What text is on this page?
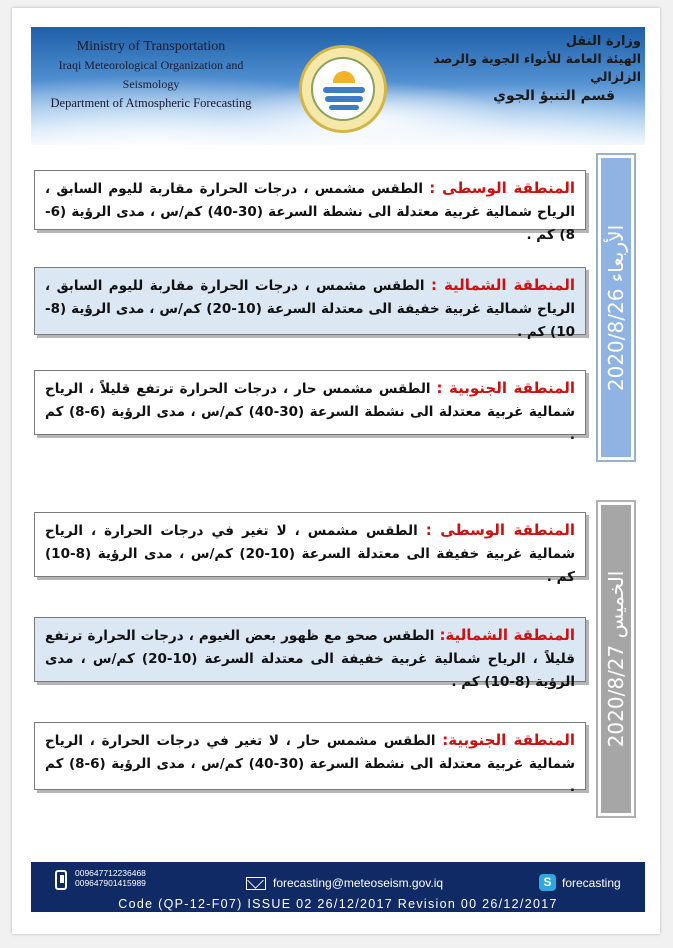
Ministry of Transportation
Iraqi Meteorological Organization and Seismology
Department of Atmospheric Forecasting
وزارة النقل
الهيئة العامة للأنواء الجوية والرصد الزلزالي
قسم التنبؤ الجوي
المنطقة الوسطى : الطقس مشمس ، درجات الحرارة مقاربة لليوم السابق ، الرياح شمالية غربية معتدلة الى نشطة السرعة (30-40) كم/س ، مدى الرؤية (6-8) كم .
المنطقة الشمالية : الطقس مشمس ، درجات الحرارة مقاربة لليوم السابق ، الرياح شمالية غربية خفيفة الى معتدلة السرعة (10-20) كم/س ، مدى الرؤية (8-10) كم .
المنطقة الجنوبية : الطقس مشمس حار ، درجات الحرارة ترتفع قليلاً ، الرياح شمالية غربية معتدلة الى نشطة السرعة (30-40) كم/س ، مدى الرؤية (6-8) كم .
الأربعاء 2020/8/26
المنطقة الوسطى : الطقس مشمس ، لا تغير في درجات الحرارة ، الرياح شمالية غربية خفيفة الى معتدلة السرعة (10-20) كم/س ، مدى الرؤية (8-10) كم .
المنطقة الشمالية: الطقس صحو مع ظهور بعض الغيوم ، درجات الحرارة ترتفع قليلاً ، الرياح شمالية غربية خفيفة الى معتدلة السرعة (10-20) كم/س ، مدى الرؤية (8-10) كم .
المنطقة الجنوبية: الطقس مشمس حار ، لا تغير في درجات الحرارة ، الرياح شمالية غربية معتدلة الى نشطة السرعة (30-40) كم/س ، مدى الرؤية (6-8) كم .
الخميس 2020/8/27
009647712236468
009647901415989	forecasting@meteoseism.gov.iq	S forecasting
Code (QP-12-F07) ISSUE 02 26/12/2017 Revision 00 26/12/2017
